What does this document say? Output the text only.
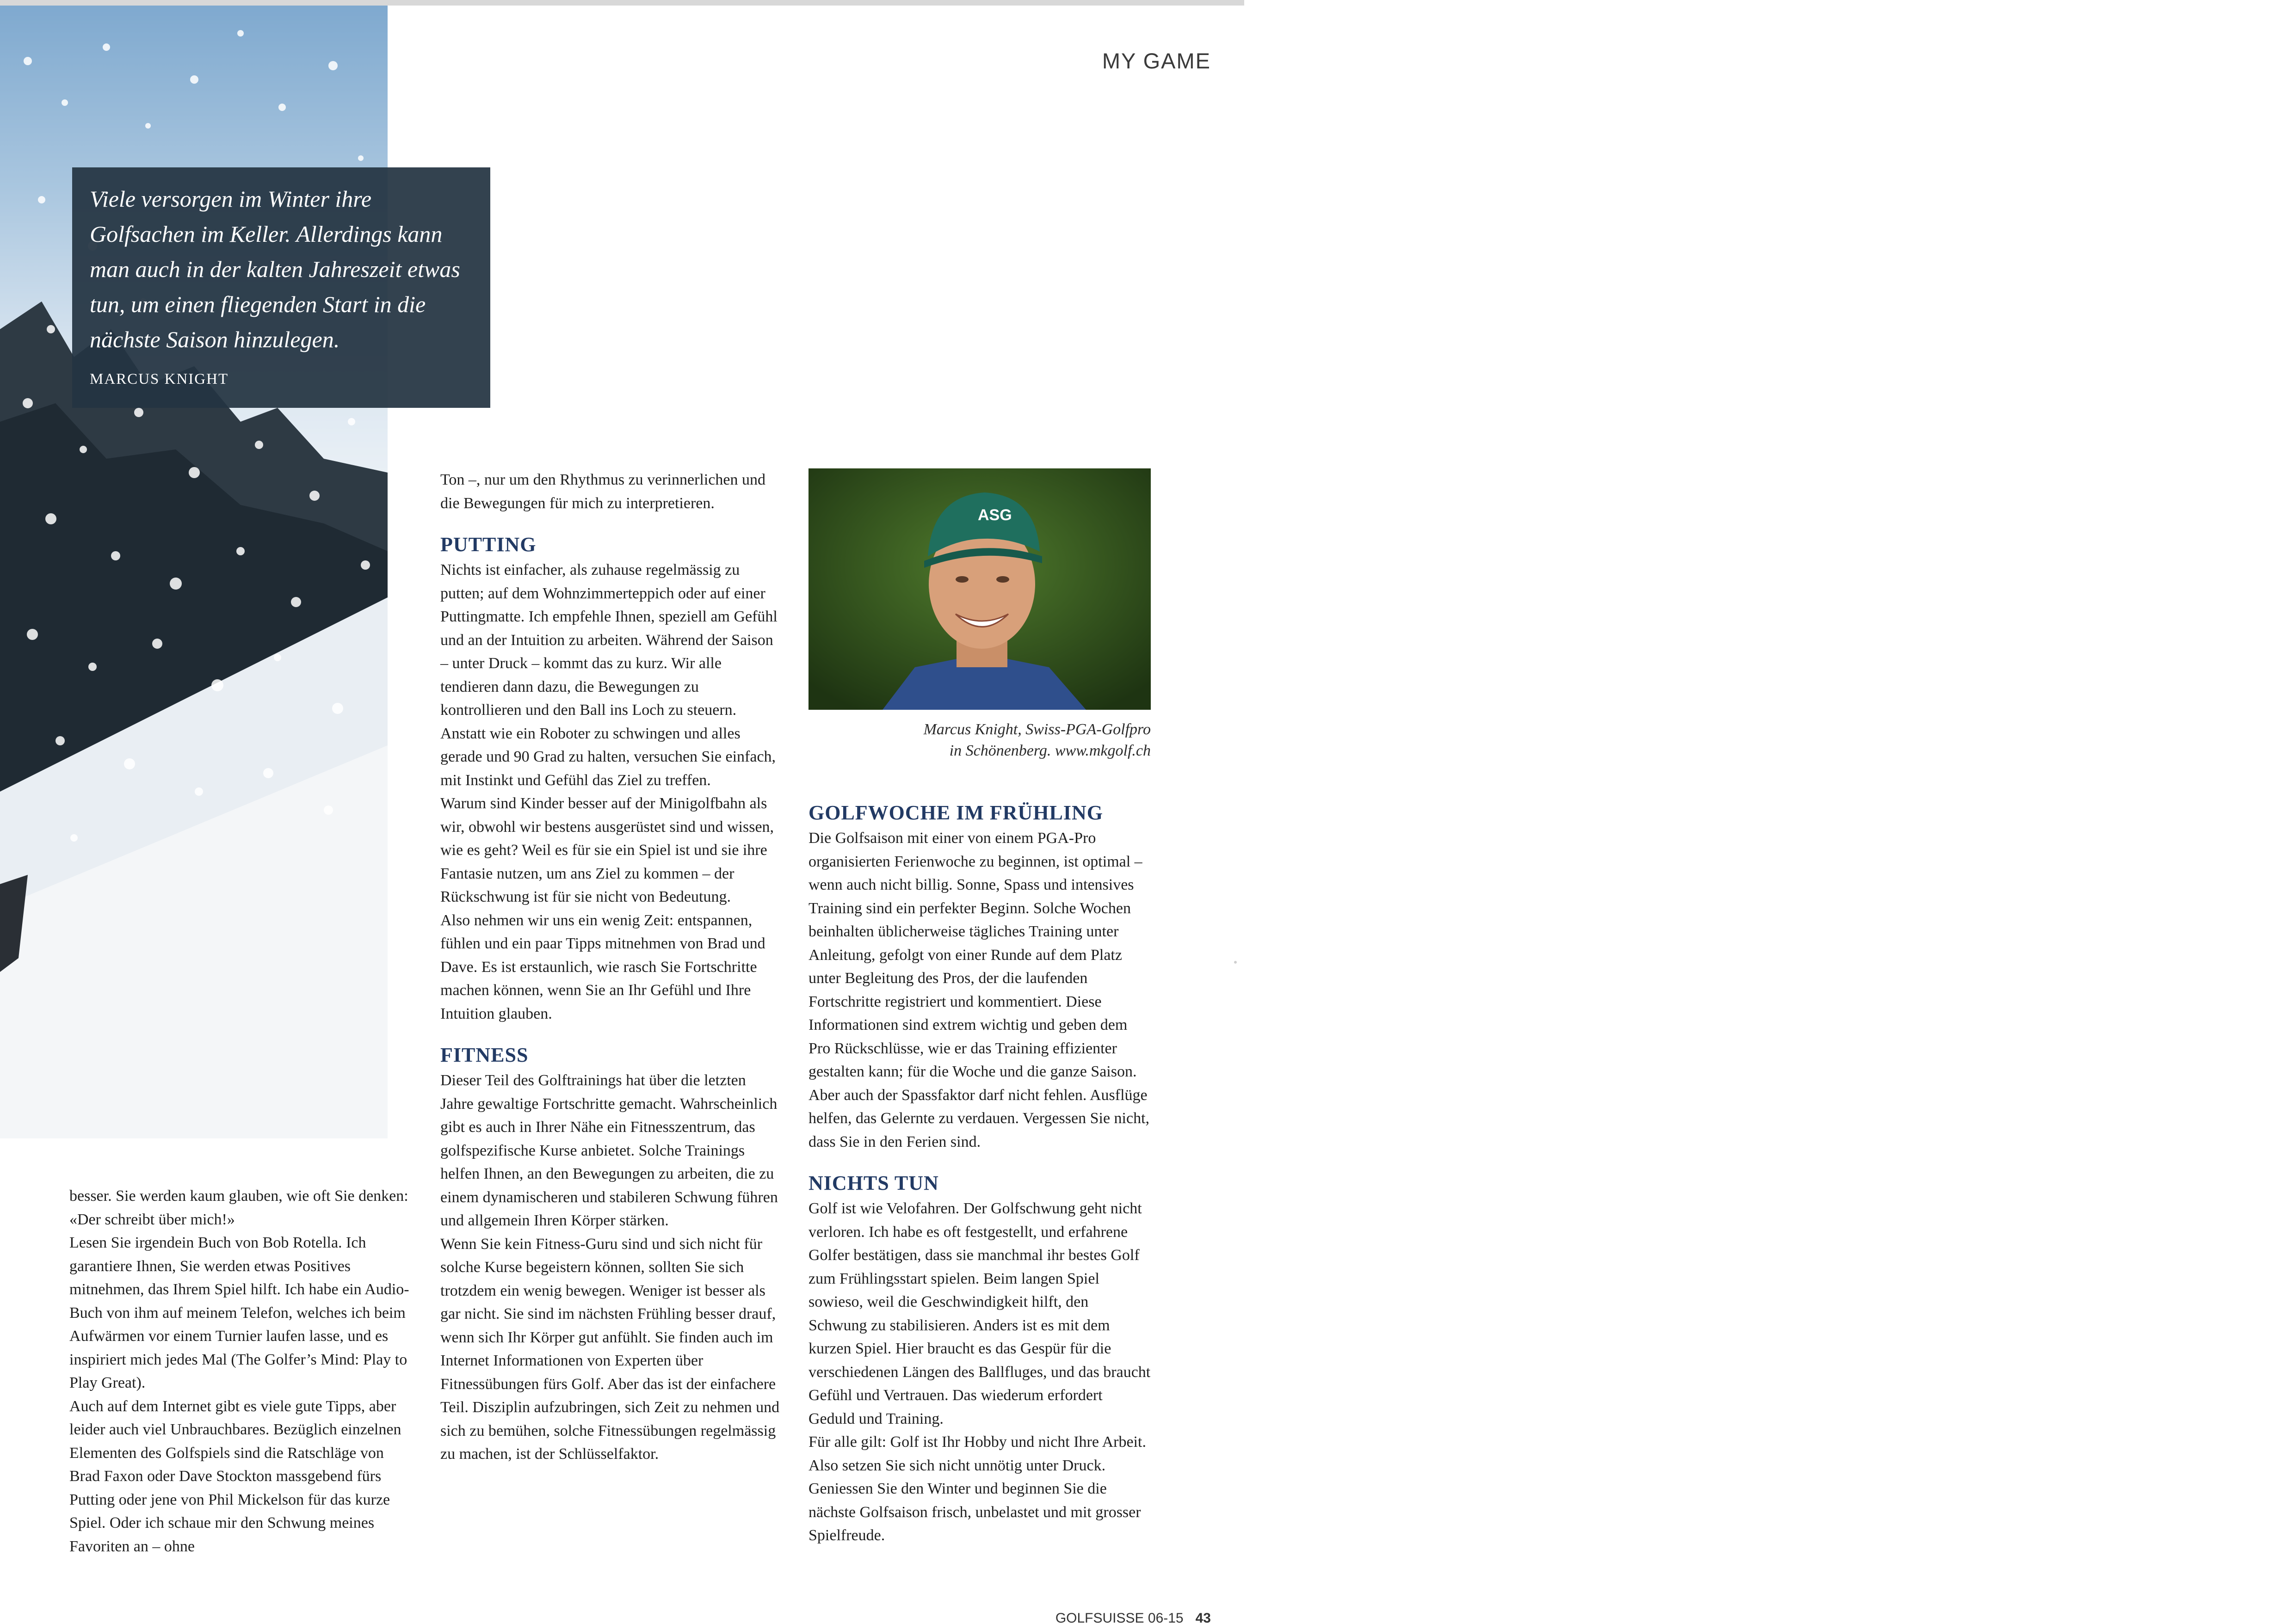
MY GAME

Viele versorgen im Winter ihre Golfsachen im Keller. Allerdings kann man auch in der kalten Jahreszeit etwas tun, um einen fliegenden Start in die nächste Saison hinzulegen.

MARCUS KNIGHT

besser. Sie werden kaum glauben, wie oft Sie denken: «Der schreibt über mich!»

Lesen Sie irgendein Buch von Bob Rotella. Ich garantiere Ihnen, Sie werden etwas Positives mitnehmen, das Ihrem Spiel hilft. Ich habe ein Audio-Buch von ihm auf meinem Telefon, welches ich beim Aufwärmen vor einem Turnier laufen lasse, und es inspiriert mich jedes Mal (The Golfer’s Mind: Play to Play Great).

Auch auf dem Internet gibt es viele gute Tipps, aber leider auch viel Unbrauchbares. Bezüglich einzelnen Elementen des Golfspiels sind die Ratschläge von Brad Faxon oder Dave Stockton massgebend fürs Putting oder jene von Phil Mickelson für das kurze Spiel. Oder ich schaue mir den Schwung meines Favoriten an – ohne

Ton –, nur um den Rhythmus zu verinnerlichen und die Bewegungen für mich zu interpretieren.

PUTTING

Nichts ist einfacher, als zuhause regelmässig zu putten; auf dem Wohnzimmerteppich oder auf einer Puttingmatte. Ich empfehle Ihnen, speziell am Gefühl und an der Intuition zu arbeiten. Während der Saison – unter Druck – kommt das zu kurz. Wir alle tendieren dann dazu, die Bewegungen zu kontrollieren und den Ball ins Loch zu steuern. Anstatt wie ein Roboter zu schwingen und alles gerade und 90 Grad zu halten, versuchen Sie einfach, mit Instinkt und Gefühl das Ziel zu treffen.

Warum sind Kinder besser auf der Minigolfbahn als wir, obwohl wir bestens ausgerüstet sind und wissen, wie es geht? Weil es für sie ein Spiel ist und sie ihre Fantasie nutzen, um ans Ziel zu kommen – der Rückschwung ist für sie nicht von Bedeutung.

Also nehmen wir uns ein wenig Zeit: entspannen, fühlen und ein paar Tipps mitnehmen von Brad und Dave. Es ist erstaunlich, wie rasch Sie Fortschritte machen können, wenn Sie an Ihr Gefühl und Ihre Intuition glauben.

FITNESS

Dieser Teil des Golftrainings hat über die letzten Jahre gewaltige Fortschritte gemacht. Wahrscheinlich gibt es auch in Ihrer Nähe ein Fitnesszentrum, das golfspezifische Kurse anbietet. Solche Trainings helfen Ihnen, an den Bewegungen zu arbeiten, die zu einem dynamischeren und stabileren Schwung führen und allgemein Ihren Körper stärken.

Wenn Sie kein Fitness-Guru sind und sich nicht für solche Kurse begeistern können, sollten Sie sich trotzdem ein wenig bewegen. Weniger ist besser als gar nicht. Sie sind im nächsten Frühling besser drauf, wenn sich Ihr Körper gut anfühlt. Sie finden auch im Internet Informationen von Experten über Fitnessübungen fürs Golf. Aber das ist der einfachere Teil. Disziplin aufzubringen, sich Zeit zu nehmen und sich zu bemühen, solche Fitnessübungen regelmässig zu machen, ist der Schlüsselfaktor.

ASG

Marcus Knight, Swiss-PGA-Golfpro

in Schönenberg. www.mkgolf.ch

GOLFWOCHE IM FRÜHLING

Die Golfsaison mit einer von einem PGA-Pro organisierten Ferienwoche zu beginnen, ist optimal – wenn auch nicht billig. Sonne, Spass und intensives Training sind ein perfekter Beginn. Solche Wochen beinhalten üblicherweise tägliches Training unter Anleitung, gefolgt von einer Runde auf dem Platz unter Begleitung des Pros, der die laufenden Fortschritte registriert und kommentiert. Diese Informationen sind extrem wichtig und geben dem Pro Rückschlüsse, wie er das Training effizienter gestalten kann; für die Woche und die ganze Saison.

Aber auch der Spassfaktor darf nicht fehlen. Ausflüge helfen, das Gelernte zu verdauen. Vergessen Sie nicht, dass Sie in den Ferien sind.

NICHTS TUN

Golf ist wie Velofahren. Der Golfschwung geht nicht verloren. Ich habe es oft festgestellt, und erfahrene Golfer bestätigen, dass sie manchmal ihr bestes Golf zum Frühlingsstart spielen. Beim langen Spiel sowieso, weil die Geschwindigkeit hilft, den Schwung zu stabilisieren. Anders ist es mit dem kurzen Spiel. Hier braucht es das Gespür für die verschiedenen Längen des Ballfluges, und das braucht Gefühl und Vertrauen. Das wiederum erfordert Geduld und Training.

Für alle gilt: Golf ist Ihr Hobby und nicht Ihre Arbeit. Also setzen Sie sich nicht unnötig unter Druck. Geniessen Sie den Winter und beginnen Sie die nächste Golfsaison frisch, unbelastet und mit grosser Spielfreude.

GOLFSUISSE 06-15 43
